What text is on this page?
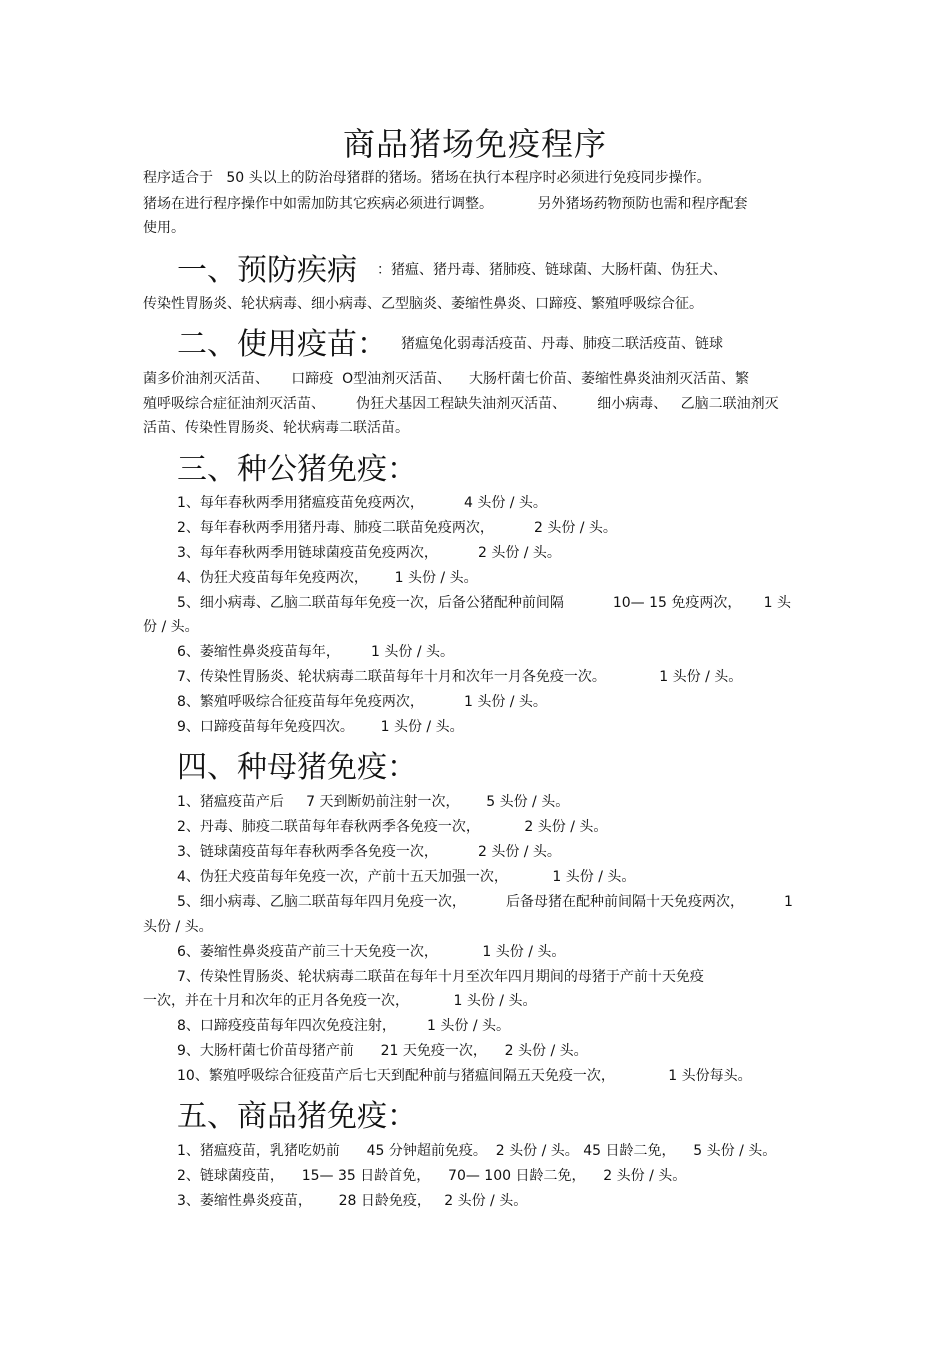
商品猪场免疫程序
程序适合于   50 头以上的防治母猪群的猪场。猪场在执行本程序时必须进行免疫同步操作。
猪场在进行程序操作中如需加防其它疾病必须进行调整。          另外猪场药物预防也需和程序配套
使用。
一、预防疾病 $^{:猪瘟、猪丹毒、猪肺疫、链球菌、大肠杆菌、伪狂犬、}$
传染性胃肠炎、轮状病毒、细小病毒、乙型脑炎、萎缩性鼻炎、口蹄疫、繁殖呼吸综合征。
二、使用疫苗： $^{猪瘟兔化弱毒活疫苗、丹毒、肺疫二联活疫苗、链球}$
菌多价油剂灭活苗、     口蹄疫  O型油剂灭活苗、    大肠杆菌七价苗、萎缩性鼻炎油剂灭活苗、繁
殖呼吸综合症征油剂灭活苗、       伪狂犬基因工程缺失油剂灭活苗、       细小病毒、   乙脑二联油剂灭
活苗、传染性胃肠炎、轮状病毒二联活苗。
三、种公猪免疫：
1、每年春秋两季用猪瘟疫苗免疫两次，         4 头份 / 头。
2、每年春秋两季用猪丹毒、肺疫二联苗免疫两次，         2 头份 / 头。
3、每年春秋两季用链球菌疫苗免疫两次，         2 头份 / 头。
4、伪狂犬疫苗每年免疫两次，      1 头份 / 头。
5、细小病毒、乙脑二联苗每年免疫一次，后备公猪配种前间隔           10— 15 免疫两次，     1 头
份 / 头。
6、萎缩性鼻炎疫苗每年，       1 头份 / 头。
7、传染性胃肠炎、轮状病毒二联苗每年十月和次年一月各免疫一次。            1 头份 / 头。
8、繁殖呼吸综合征疫苗每年免疫两次，         1 头份 / 头。
9、口蹄疫苗每年免疫四次。      1 头份 / 头。
四、种母猪免疫：
1、猪瘟疫苗产后     7 天到断奶前注射一次，      5 头份 / 头。
2、丹毒、肺疫二联苗每年春秋两季各免疫一次，          2 头份 / 头。
3、链球菌疫苗每年春秋两季各免疫一次，         2 头份 / 头。
4、伪狂犬疫苗每年免疫一次，产前十五天加强一次，          1 头份 / 头。
5、细小病毒、乙脑二联苗每年四月免疫一次，         后备母猪在配种前间隔十天免疫两次，         1
头份 / 头。
6、萎缩性鼻炎疫苗产前三十天免疫一次，          1 头份 / 头。
7、传染性胃肠炎、轮状病毒二联苗在每年十月至次年四月期间的母猪于产前十天免疫
一次，并在十月和次年的正月各免疫一次，          1 头份 / 头。
8、口蹄疫疫苗每年四次免疫注射，       1 头份 / 头。
9、大肠杆菌七价苗母猪产前      21 天免疫一次，    2 头份 / 头。
10、繁殖呼吸综合征疫苗产后七天到配种前与猪瘟间隔五天免疫一次，            1 头份每头。
五、商品猪免疫：
1、猪瘟疫苗，乳猪吃奶前      45 分钟超前免疫。  2 头份 / 头。 45 日龄二免，    5 头份 / 头。
2、链球菌疫苗，    15— 35 日龄首免，    70— 100 日龄二免，    2 头份 / 头。
3、萎缩性鼻炎疫苗，      28 日龄免疫，   2 头份 / 头。
